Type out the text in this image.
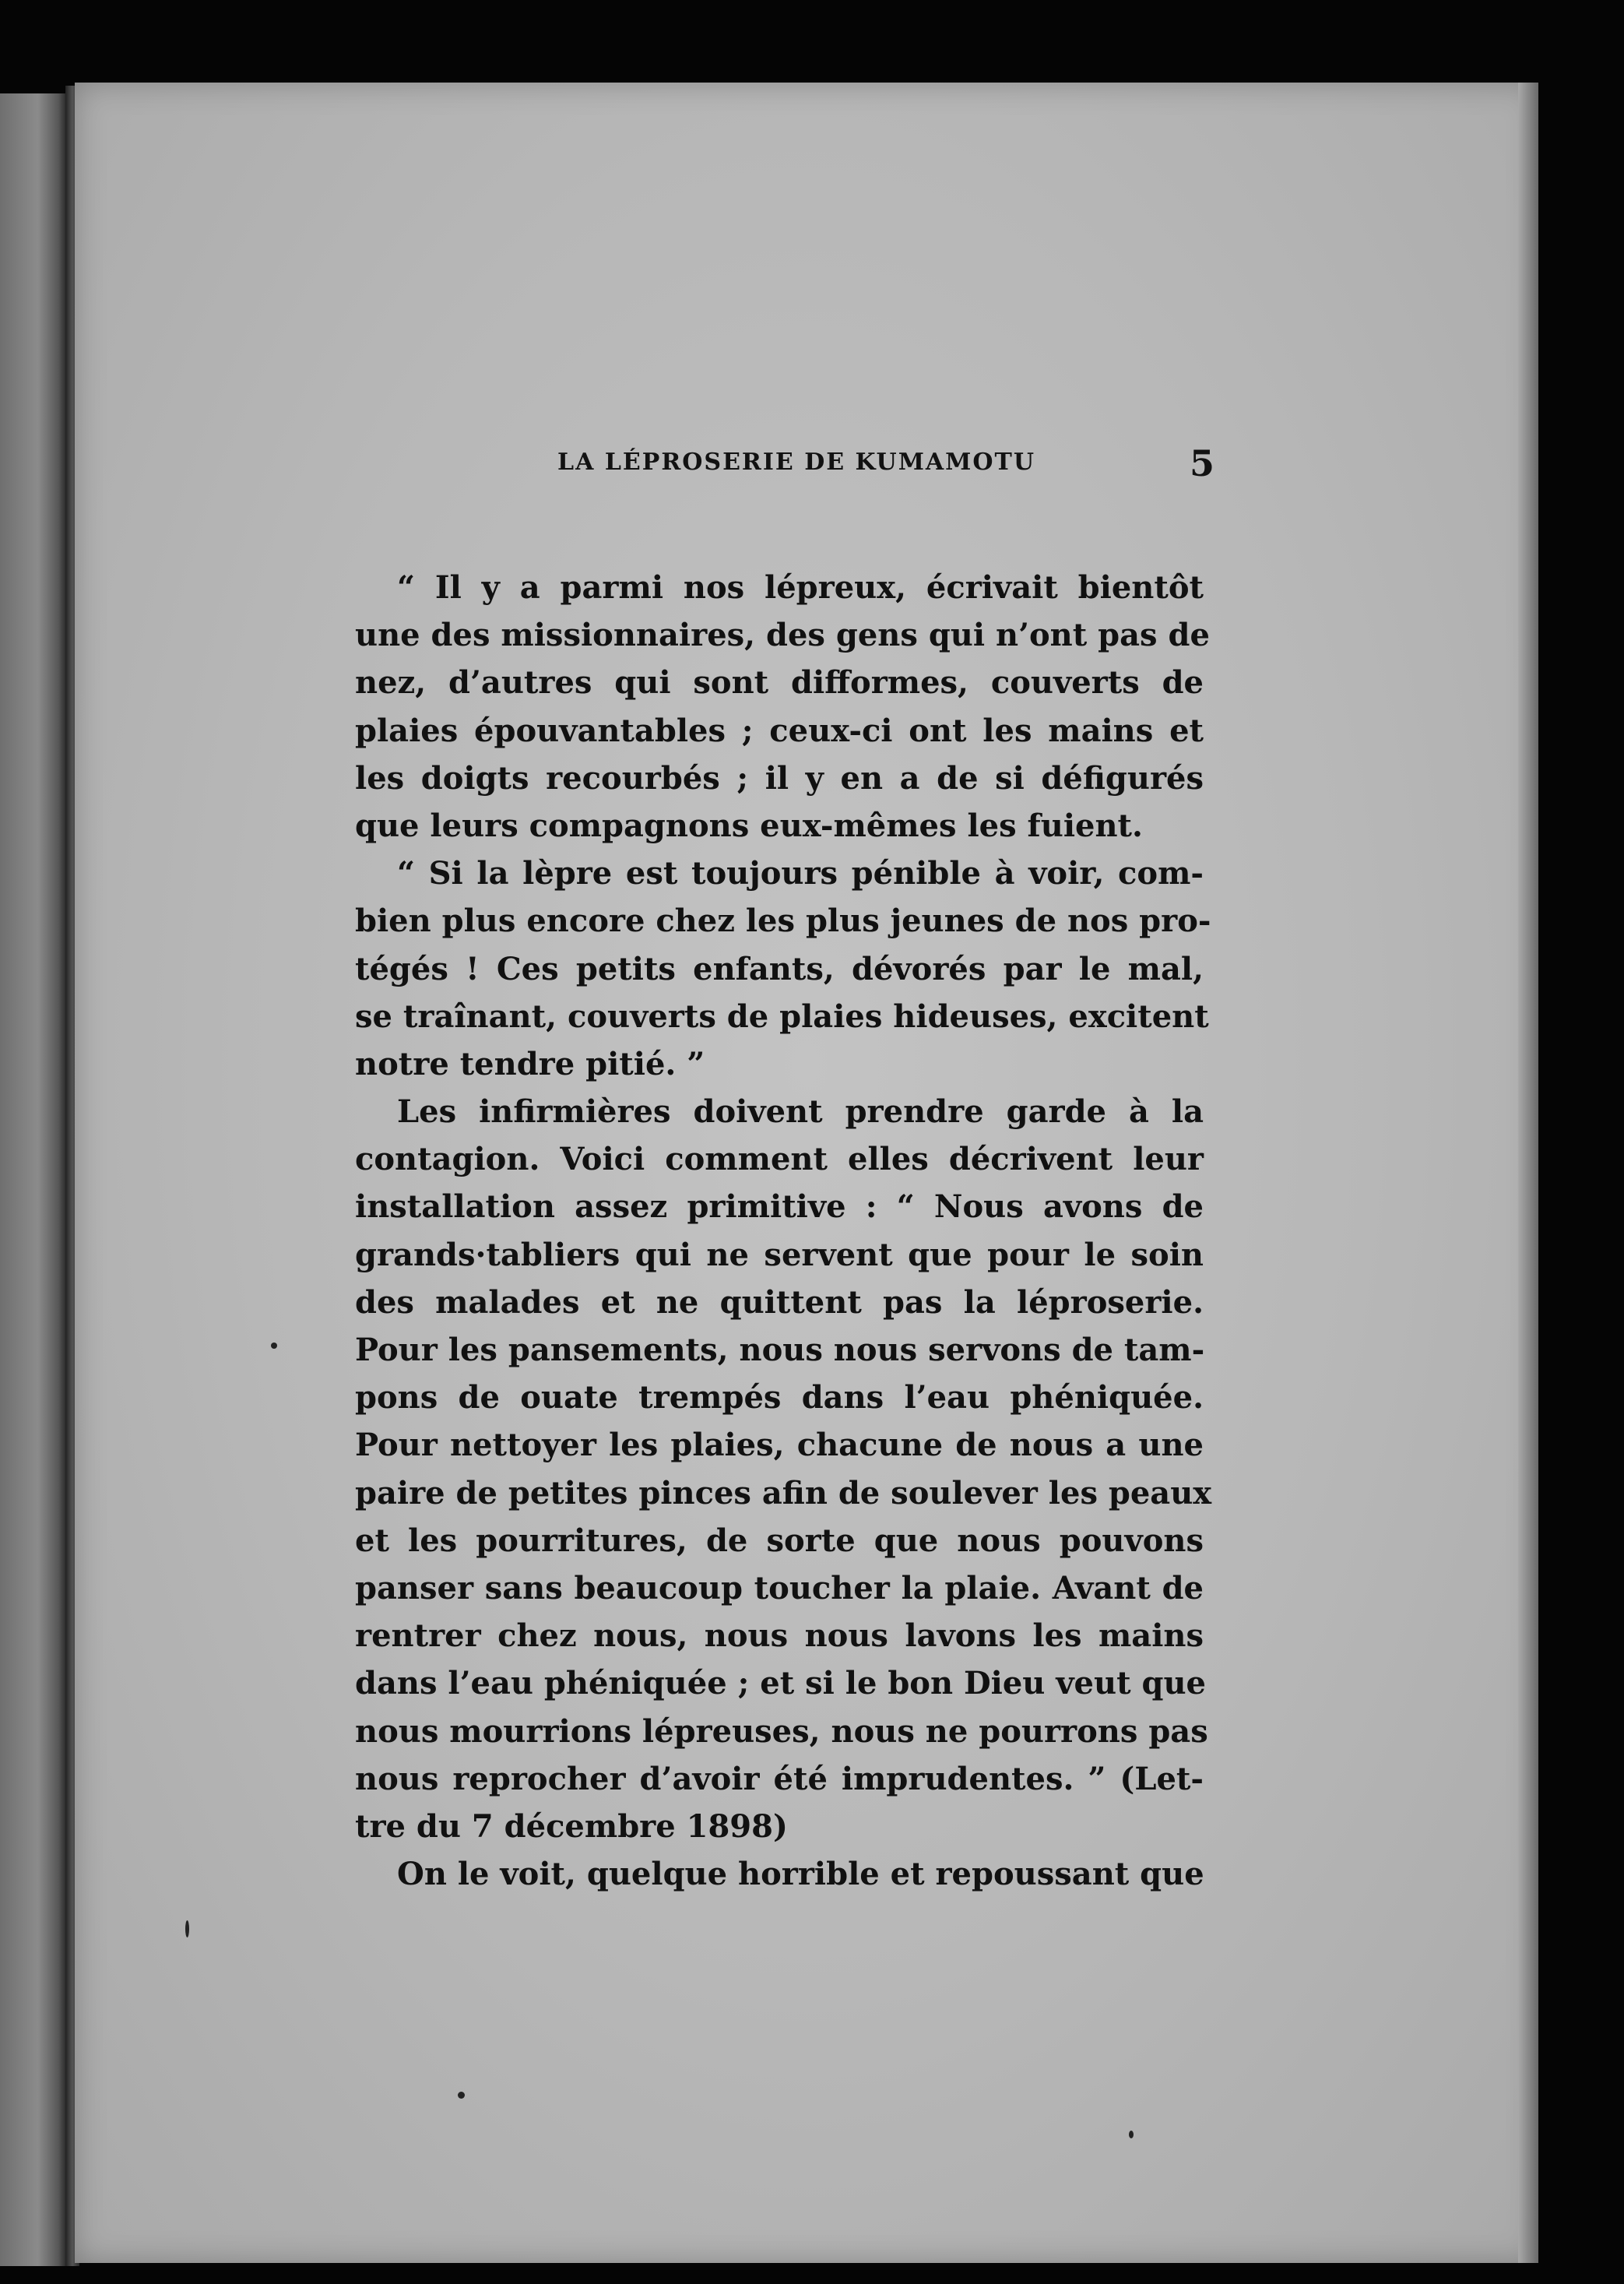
LA LÉPROSERIE DE KUMAMOTU	5
“ Il y a parmi nos lépreux, écrivait bientôt
une des missionnaires, des gens qui n’ont pas de
nez, d’autres qui sont difformes, couverts de
plaies épouvantables ; ceux-ci ont les mains et
les doigts recourbés ; il y en a de si défigurés
que leurs compagnons eux-mêmes les fuient.
“ Si la lèpre est toujours pénible à voir, com-
bien plus encore chez les plus jeunes de nos pro-
tégés ! Ces petits enfants, dévorés par le mal,
se traînant, couverts de plaies hideuses, excitent
notre tendre pitié. ”
Les infirmières doivent prendre garde à la
contagion. Voici comment elles décrivent leur
installation assez primitive : “ Nous avons de
grands·tabliers qui ne servent que pour le soin
des malades et ne quittent pas la léproserie.
Pour les pansements, nous nous servons de tam-
pons de ouate trempés dans l’eau phéniquée.
Pour nettoyer les plaies, chacune de nous a une
paire de petites pinces afin de soulever les peaux
et les pourritures, de sorte que nous pouvons
panser sans beaucoup toucher la plaie. Avant de
rentrer chez nous, nous nous lavons les mains
dans l’eau phéniquée ; et si le bon Dieu veut que
nous mourrions lépreuses, nous ne pourrons pas
nous reprocher d’avoir été imprudentes. ” (Let-
tre du 7 décembre 1898)
On le voit, quelque horrible et repoussant que
